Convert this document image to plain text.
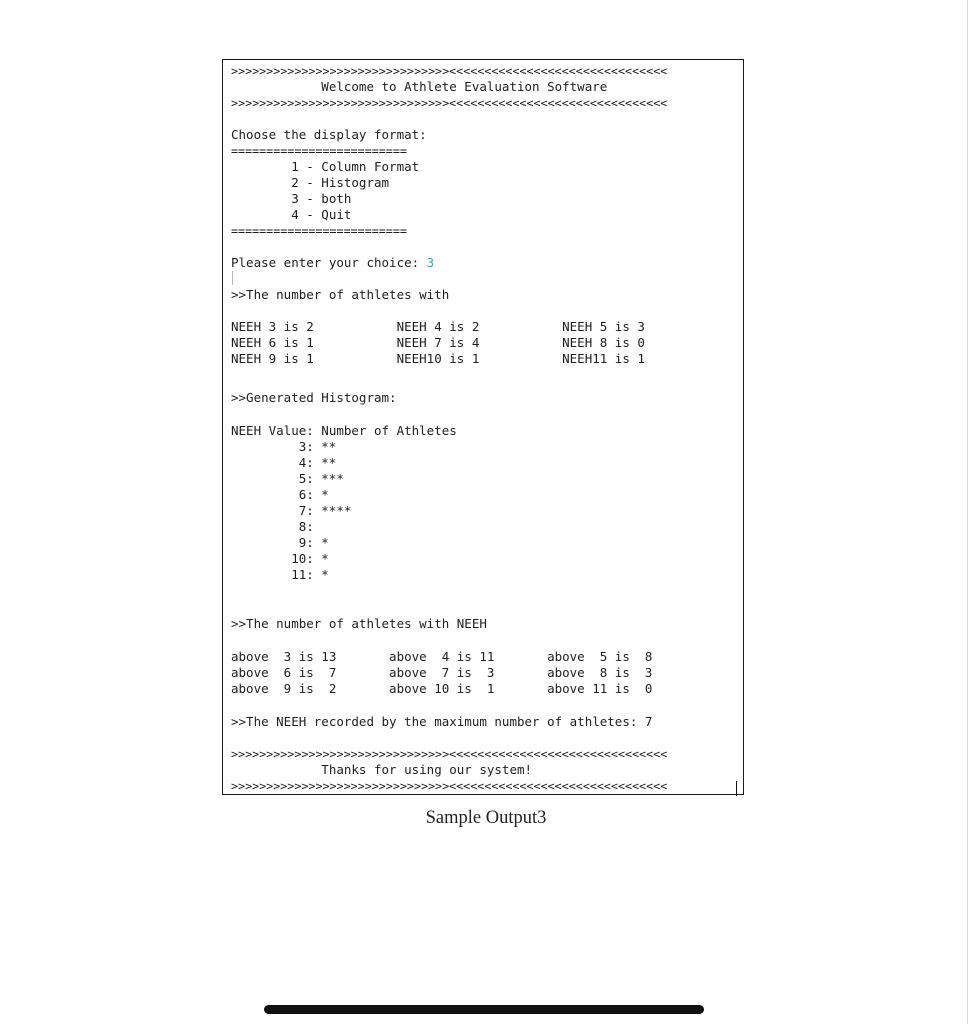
>>>>>>>>>>>>>>>>>>>>>>>>>>>>>>><<<<<<<<<<<<<<<<<<<<<<<<<<<<<<<
Welcome to Athlete Evaluation Software
>>>>>>>>>>>>>>>>>>>>>>>>>>>>>>><<<<<<<<<<<<<<<<<<<<<<<<<<<<<<<
Choose the display format:
=========================
1 - Column Format
2 - Histogram
3 - both
4 - Quit
=========================
Please enter your choice: 3
>>The number of athletes with
NEEH 3 is 2           NEEH 4 is 2           NEEH 5 is 3
NEEH 6 is 1           NEEH 7 is 4           NEEH 8 is 0
NEEH 9 is 1           NEEH10 is 1           NEEH11 is 1
>>Generated Histogram:
NEEH Value: Number of Athletes
3: **
4: **
5: ***
6: *
7: ****
8:
9: *
10: *
11: *
>>The number of athletes with NEEH
above  3 is 13       above  4 is 11       above  5 is  8
above  6 is  7       above  7 is  3       above  8 is  3
above  9 is  2       above 10 is  1       above 11 is  0
>>The NEEH recorded by the maximum number of athletes: 7
>>>>>>>>>>>>>>>>>>>>>>>>>>>>>>><<<<<<<<<<<<<<<<<<<<<<<<<<<<<<<
Thanks for using our system!
>>>>>>>>>>>>>>>>>>>>>>>>>>>>>>><<<<<<<<<<<<<<<<<<<<<<<<<<<<<<<
Sample Output3
